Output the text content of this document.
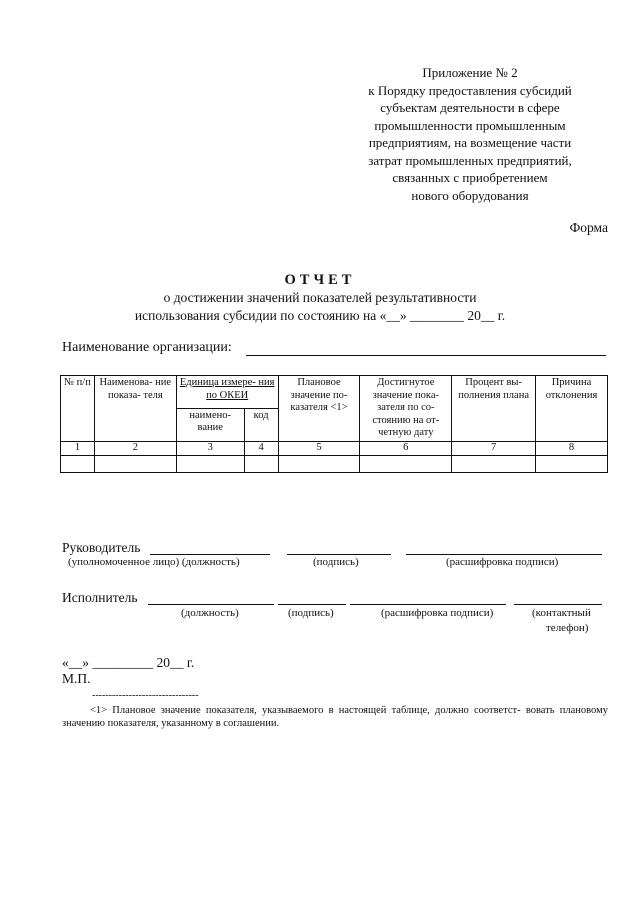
Приложение № 2
к Порядку предоставления субсидий
субъектам деятельности в сфере
промышленности промышленным
предприятиям, на возмещение части
затрат промышленных предприятий,
связанных с приобретением
нового оборудования
Форма
ОТЧЕТ
о достижении значений показателей результативности
использования субсидии по состоянию на «__» ________ 20__ г.
Наименование организации:
№ п/п	Наименова- ние показа- теля	Единица измере- ния по ОКЕИ		Плановое значение по- казателя <1>	Достигнутое значение пока- зателя по со- стоянию на от- четную дату	Процент вы- полнения плана	Причина отклонения
		наимено- вание	код				
1	2	3	4	5	6	7	8

Руководитель
(уполномоченное лицо) (должность)	(подпись)	(расшифровка подписи)
Исполнитель
(должность)	(подпись)	(расшифровка подписи)	(контактный
телефон)
«__» _________ 20__ г.
М.П.
--------------------------------
<1> Плановое значение показателя, указываемого в настоящей таблице, должно соответст- вовать плановому значению показателя, указанному в соглашении.
